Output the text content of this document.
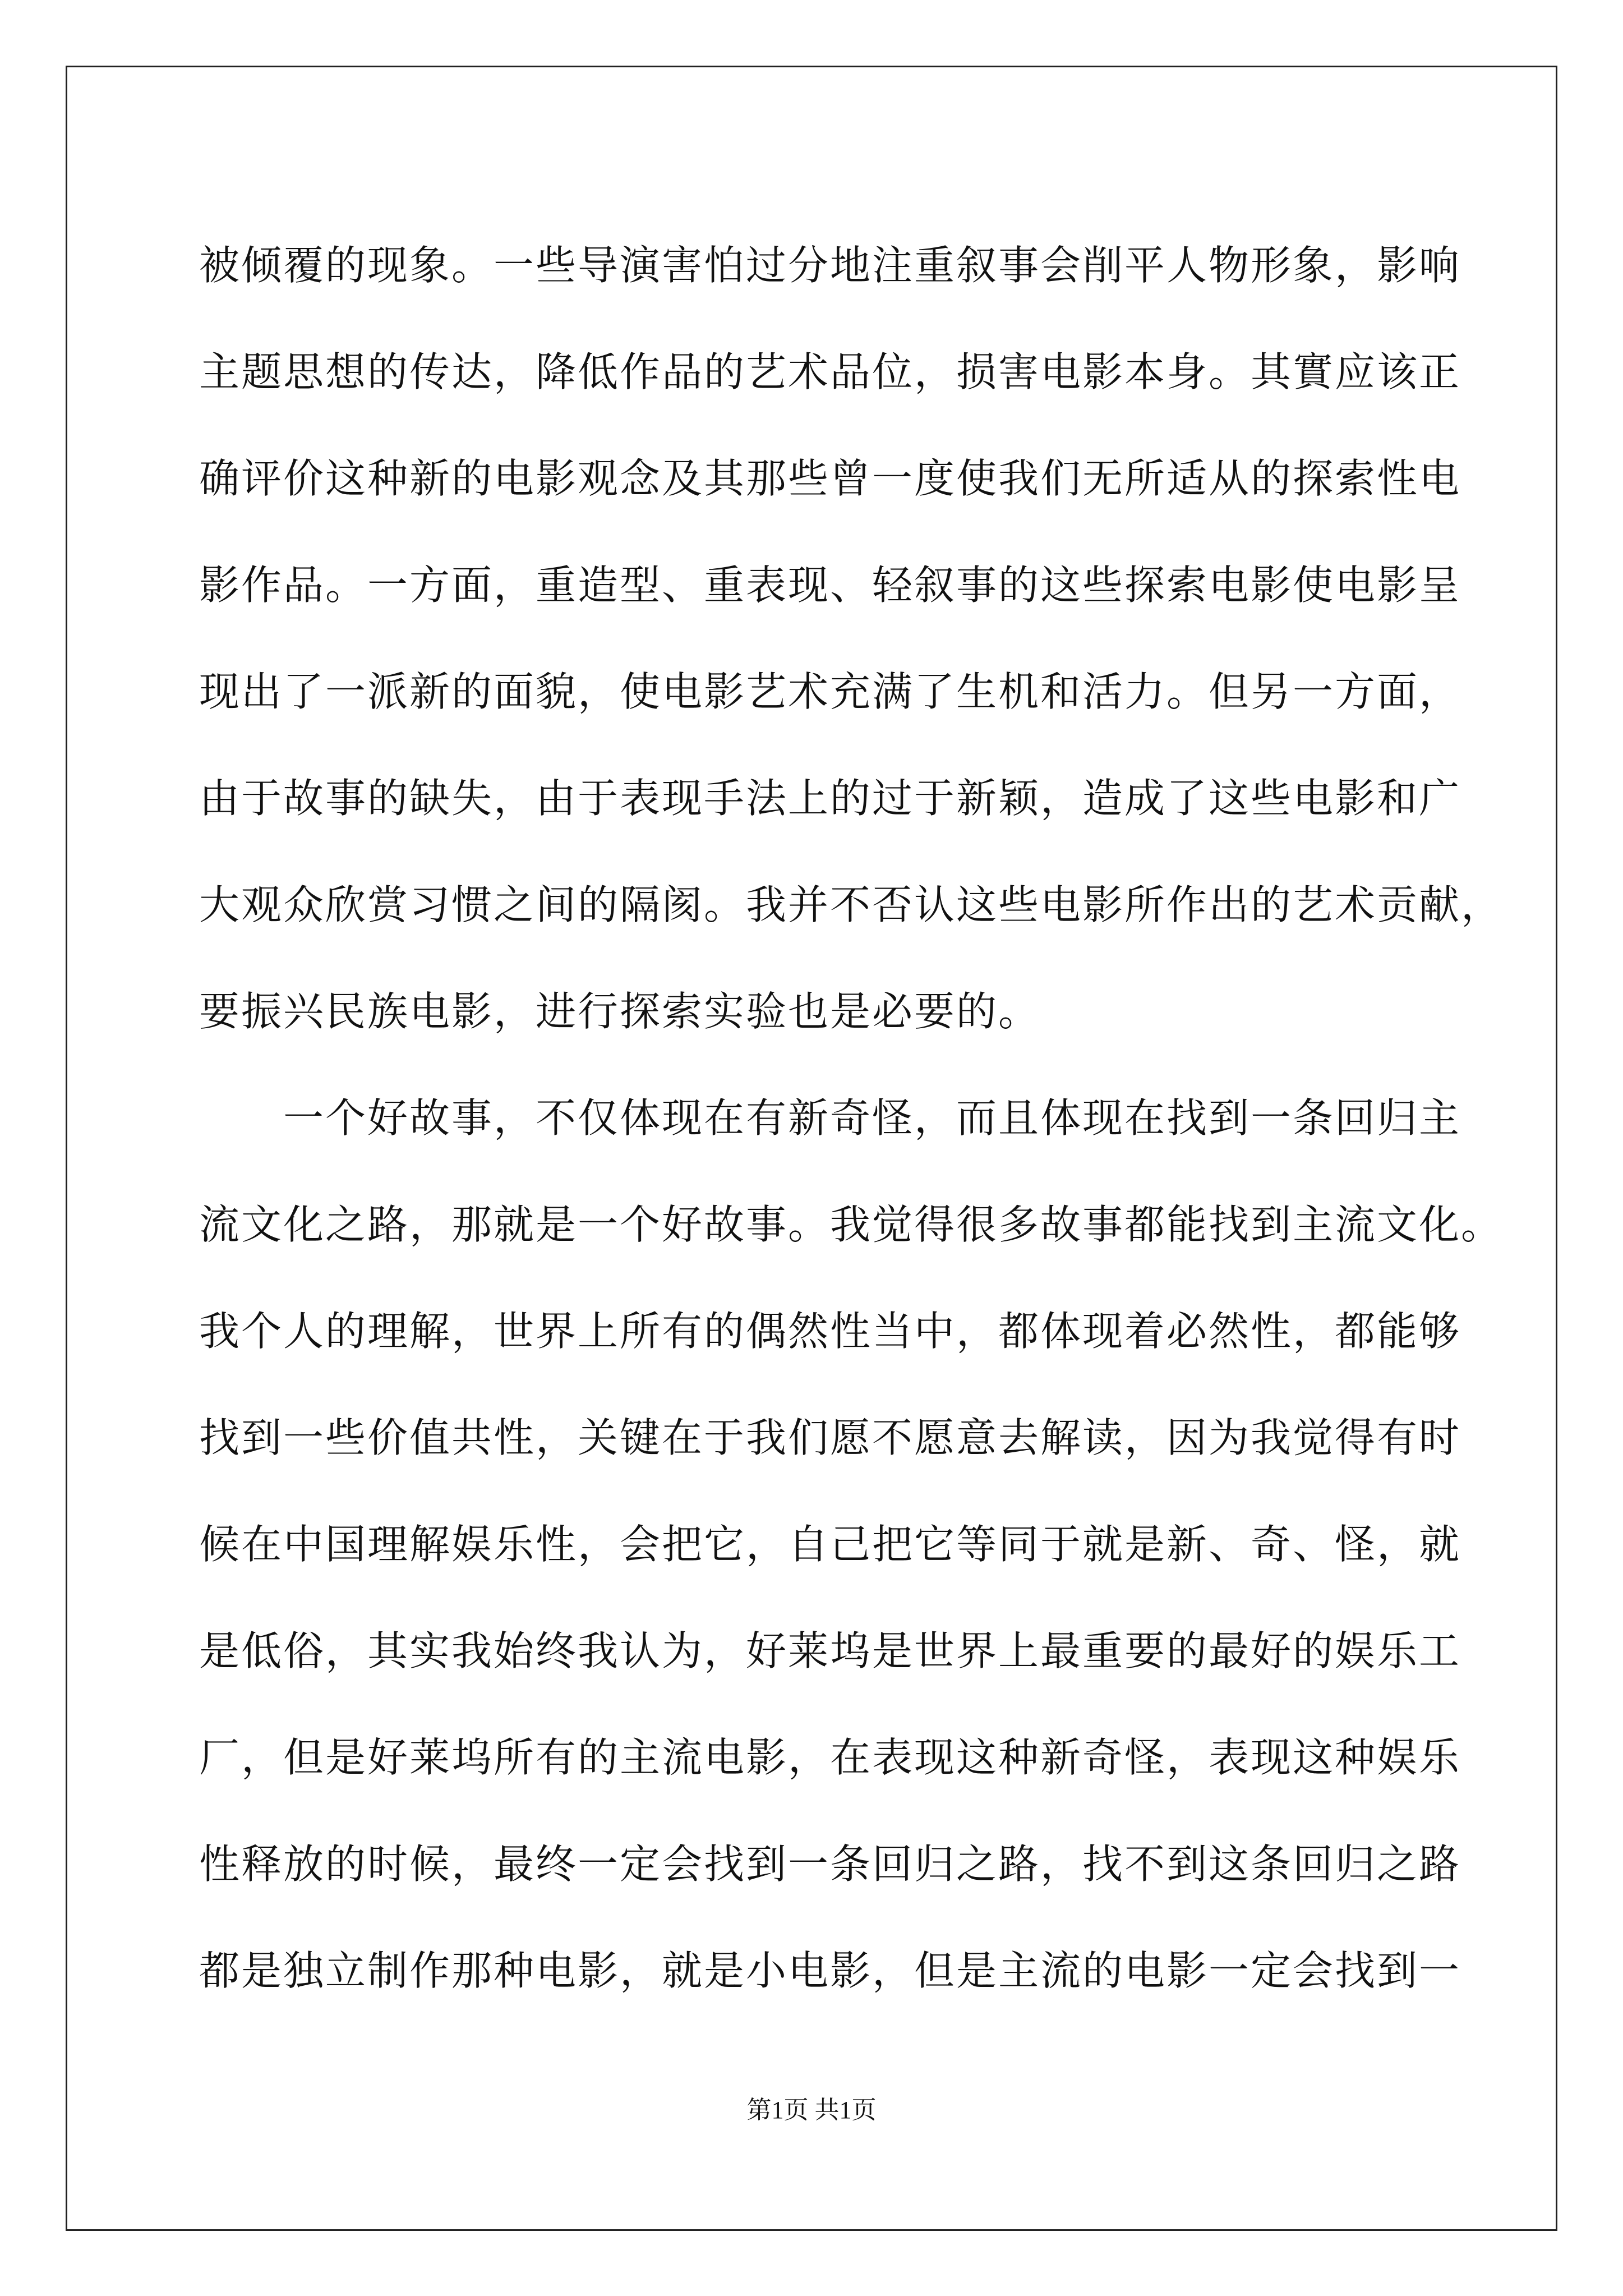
被倾覆的现象。一些导演害怕过分地注重叙事会削平人物形象，影响
主题思想的传达，降低作品的艺术品位，损害电影本身。其實应该正
确评价这种新的电影观念及其那些曾一度使我们无所适从的探索性电
影作品。一方面，重造型、重表现、轻叙事的这些探索电影使电影呈
现出了一派新的面貌，使电影艺术充满了生机和活力。但另一方面，
由于故事的缺失，由于表现手法上的过于新颖，造成了这些电影和广
大观众欣赏习惯之间的隔阂。我并不否认这些电影所作出的艺术贡献，
要振兴民族电影，进行探索实验也是必要的。
一个好故事，不仅体现在有新奇怪，而且体现在找到一条回归主
流文化之路，那就是一个好故事。我觉得很多故事都能找到主流文化。
我个人的理解，世界上所有的偶然性当中，都体现着必然性，都能够
找到一些价值共性，关键在于我们愿不愿意去解读，因为我觉得有时
候在中国理解娱乐性，会把它，自己把它等同于就是新、奇、怪，就
是低俗，其实我始终我认为，好莱坞是世界上最重要的最好的娱乐工
厂，但是好莱坞所有的主流电影，在表现这种新奇怪，表现这种娱乐
性释放的时候，最终一定会找到一条回归之路，找不到这条回归之路
都是独立制作那种电影，就是小电影，但是主流的电影一定会找到一
第1页 共1页
